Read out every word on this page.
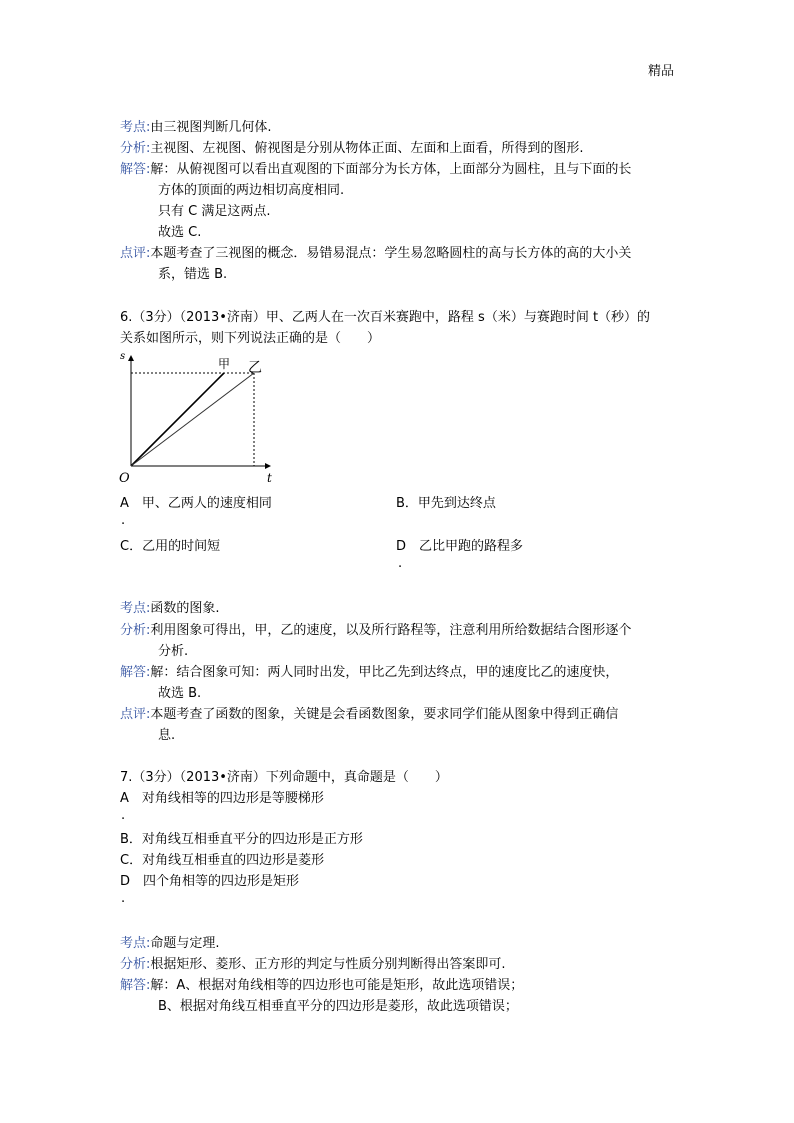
精品
考点:由三视图判断几何体.
分析:主视图、左视图、俯视图是分别从物体正面、左面和上面看，所得到的图形.
解答:解：从俯视图可以看出直观图的下面部分为长方体，上面部分为圆柱，且与下面的长
方体的顶面的两边相切高度相同.
只有 C 满足这两点.
故选 C.
点评:本题考查了三视图的概念．易错易混点：学生易忽略圆柱的高与长方体的高的大小关
系，错选 B.
6.（3分）（2013•济南）甲、乙两人在一次百米赛跑中，路程 s（米）与赛跑时间 t（秒）的
关系如图所示，则下列说法正确的是（　　）
s
t
O
甲 乙
A　 甲、乙两人的速度相同
.
B．甲先到达终点
C．乙用的时间短	D　 乙比甲跑的路程多
.
考点:函数的图象.
分析:利用图象可得出，甲，乙的速度，以及所行路程等，注意利用所给数据结合图形逐个
分析.
解答:解：结合图象可知：两人同时出发，甲比乙先到达终点，甲的速度比乙的速度快，
故选 B.
点评:本题考查了函数的图象，关键是会看函数图象，要求同学们能从图象中得到正确信
息.
7.（3分）（2013•济南）下列命题中，真命题是（　　）
A　 对角线相等的四边形是等腰梯形
.
B．对角线互相垂直平分的四边形是正方形
C．对角线互相垂直的四边形是菱形
D　 四个角相等的四边形是矩形
.
考点:命题与定理.
分析:根据矩形、菱形、正方形的判定与性质分别判断得出答案即可.
解答:解：A、根据对角线相等的四边形也可能是矩形，故此选项错误；
B、根据对角线互相垂直平分的四边形是菱形，故此选项错误；
